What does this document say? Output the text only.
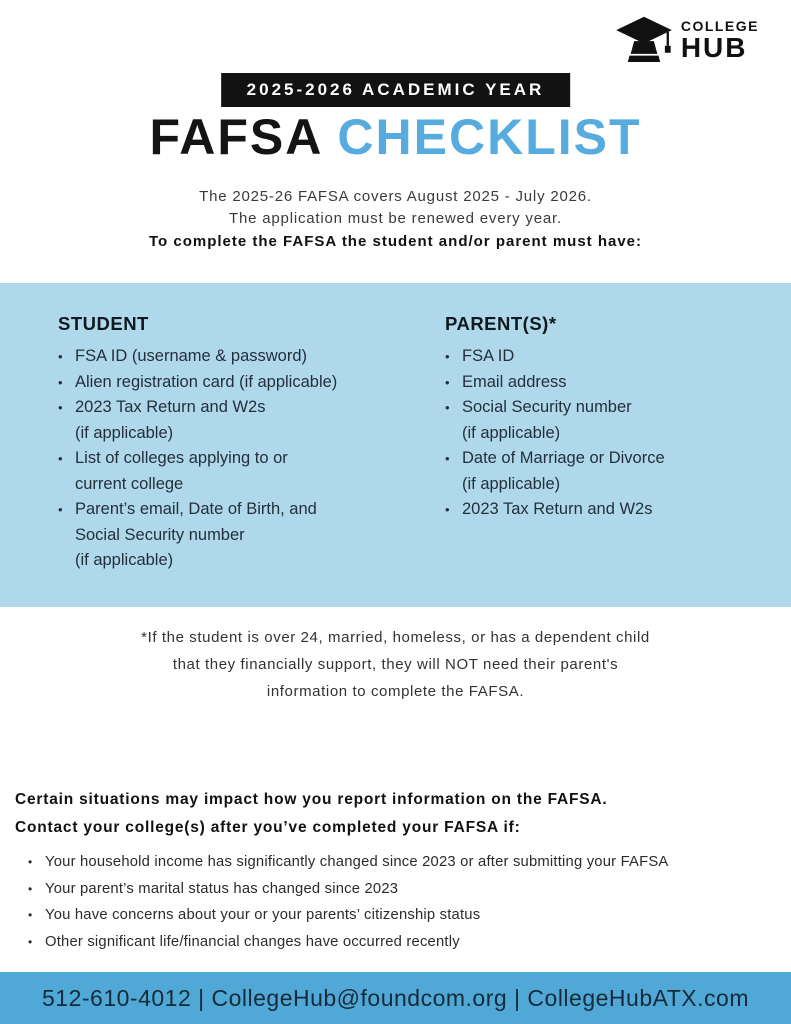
COLLEGE
HUB
2025-2026 ACADEMIC YEAR
FAFSA CHECKLIST
The 2025-26 FAFSA covers August 2025 - July 2026.
The application must be renewed every year.
To complete the FAFSA the student and/or parent must have:
STUDENT
• FSA ID (username & password)
• Alien registration card (if applicable)
• 2023 Tax Return and W2s
(if applicable)
• List of colleges applying to or
current college
• Parent’s email, Date of Birth, and
Social Security number
(if applicable)
PARENT(S)*
• FSA ID
• Email address
• Social Security number
(if applicable)
• Date of Marriage or Divorce
(if applicable)
• 2023 Tax Return and W2s
*If the student is over 24, married, homeless, or has a dependent child
that they financially support, they will NOT need their parent's
information to complete the FAFSA.
Certain situations may impact how you report information on the FAFSA.
Contact your college(s) after you’ve completed your FAFSA if:
• Your household income has significantly changed since 2023 or after submitting your FAFSA
• Your parent’s marital status has changed since 2023
• You have concerns about your or your parents’ citizenship status
• Other significant life/financial changes have occurred recently
512-610-4012 | CollegeHub@foundcom.org | CollegeHubATX.com
